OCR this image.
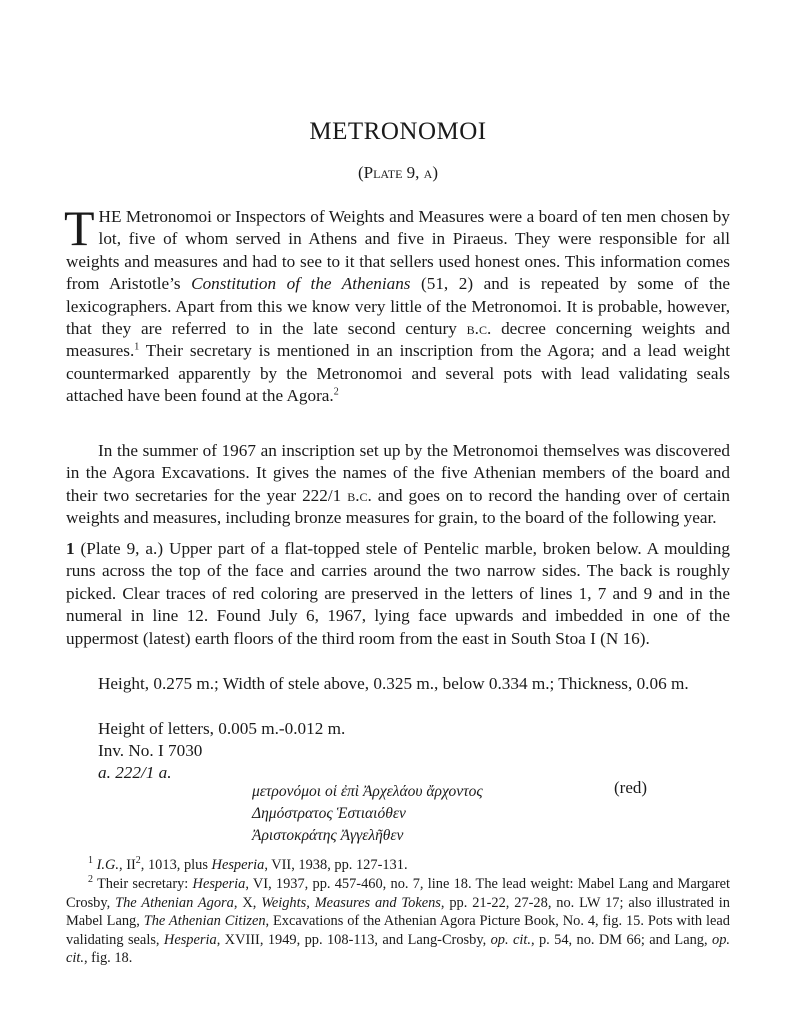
METRONOMOI
(Plate 9, a)

THE Metronomoi or Inspectors of Weights and Measures were a board of ten men chosen by lot, five of whom served in Athens and five in Piraeus. They were responsible for all weights and measures and had to see to it that sellers used honest ones. This information comes from Aristotle’s Constitution of the Athenians (51, 2) and is repeated by some of the lexicographers. Apart from this we know very little of the Metronomoi. It is probable, however, that they are referred to in the late second century b.c. decree concerning weights and measures.$^1$ Their secretary is mentioned in an inscription from the Agora; and a lead weight countermarked apparently by the Metronomoi and several pots with lead validating seals attached have been found at the Agora.$^2$

In the summer of 1967 an inscription set up by the Metronomoi themselves was discovered in the Agora Excavations. It gives the names of the five Athenian members of the board and their two secretaries for the year 222/1 b.c. and goes on to record the handing over of certain weights and measures, including bronze measures for grain, to the board of the following year.

1 (Plate 9, a.) Upper part of a flat-topped stele of Pentelic marble, broken below. A moulding runs across the top of the face and carries around the two narrow sides. The back is roughly picked. Clear traces of red coloring are preserved in the letters of lines 1, 7 and 9 and in the numeral in line 12. Found July 6, 1967, lying face upwards and imbedded in one of the uppermost (latest) earth floors of the third room from the east in South Stoa I (N 16).

Height, 0.275 m.; Width of stele above, 0.325 m., below 0.334 m.; Thickness, 0.06 m.
Height of letters, 0.005 m.-0.012 m.
Inv. No. I 7030
a. 222/1 a.
μετρονόμοι οἱ ἐπὶ Ἀρχελάου ἄρχοντος	(red)
Δημόστρατος Ἑστιαιόθεν
Ἀριστοκράτης Ἀγγελῆθεν

$^1$ I.G., $II^2$, 1013, plus Hesperia, VII, 1938, pp. 127-131.

$^2$ Their secretary: Hesperia, VI, 1937, pp. 457-460, no. 7, line 18. The lead weight: Mabel Lang and Margaret Crosby, The Athenian Agora, X, Weights, Measures and Tokens, pp. 21-22, 27-28, no. LW 17; also illustrated in Mabel Lang, The Athenian Citizen, Excavations of the Athenian Agora Picture Book, No. 4, fig. 15. Pots with lead validating seals, Hesperia, XVIII, 1949, pp. 108-113, and Lang-Crosby, op. cit., p. 54, no. DM 66; and Lang, op. cit., fig. 18.
